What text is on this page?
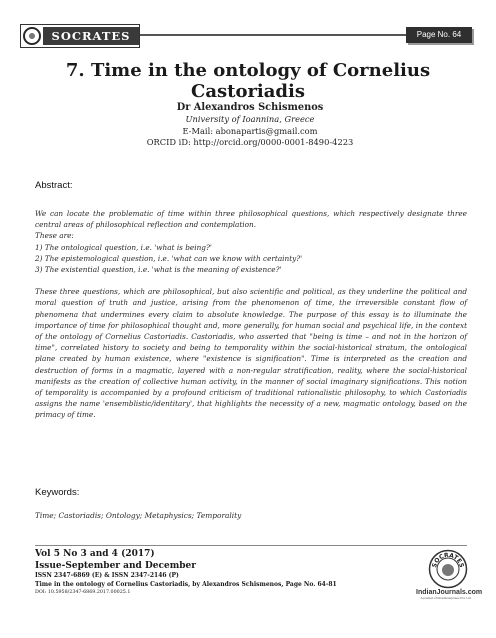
SOCRATES	Page No. 64
7. Time in the ontology of Cornelius Castoriadis
Dr Alexandros Schismenos
University of Ioannina, Greece
E-Mail: abonapartis@gmail.com
ORCID iD: http://orcid.org/0000-0001-8490-4223
Abstract:

We can locate the problematic of time within three philosophical questions, which respectively designate three central areas of philosophical reflection and contemplation.

These are:

1) The ontological question, i.e. 'what is being?'

2) The epistemological question, i.e. 'what can we know with certainty?'

3) The existential question, i.e. 'what is the meaning of existence?'

These three questions, which are philosophical, but also scientific and political, as they underline the political and moral question of truth and justice, arising from the phenomenon of time, the irreversible constant flow of phenomena that undermines every claim to absolute knowledge. The purpose of this essay is to illuminate the importance of time for philosophical thought and, more generally, for human social and psychical life, in the context of the ontology of Cornelius Castoriadis. Castoriadis, who asserted that "being is time – and not in the horizon of time", correlated history to society and being to temporality within the social-historical stratum, the ontological plane created by human existence, where "existence is signification". Time is interpreted as the creation and destruction of forms in a magmatic, layered with a non-regular stratification, reality, where the social-historical manifests as the creation of collective human activity, in the manner of social imaginary significations. This notion of temporality is accompanied by a profound criticism of traditional rationalistic philosophy, to which Castoriadis assigns the name 'ensemblistic/identitary', that highlights the necessity of a new, magmatic ontology, based on the primacy of time.

Keywords:
Time; Castoriadis; Ontology; Metaphysics; Temporality
Vol 5 No 3 and 4 (2017)
Issue-September and December
ISSN 2347-6869 (E) & ISSN 2347-2146 (P)
Time in the ontology of Cornelius Castoriadis, by Alexandros Schismenos, Page No. 64-81
DOI: 10.5958/2347-6869.2017.00025.1
SOCRATES
IndianJournals.com
A product of Diva Enterprises Pvt. Ltd.
